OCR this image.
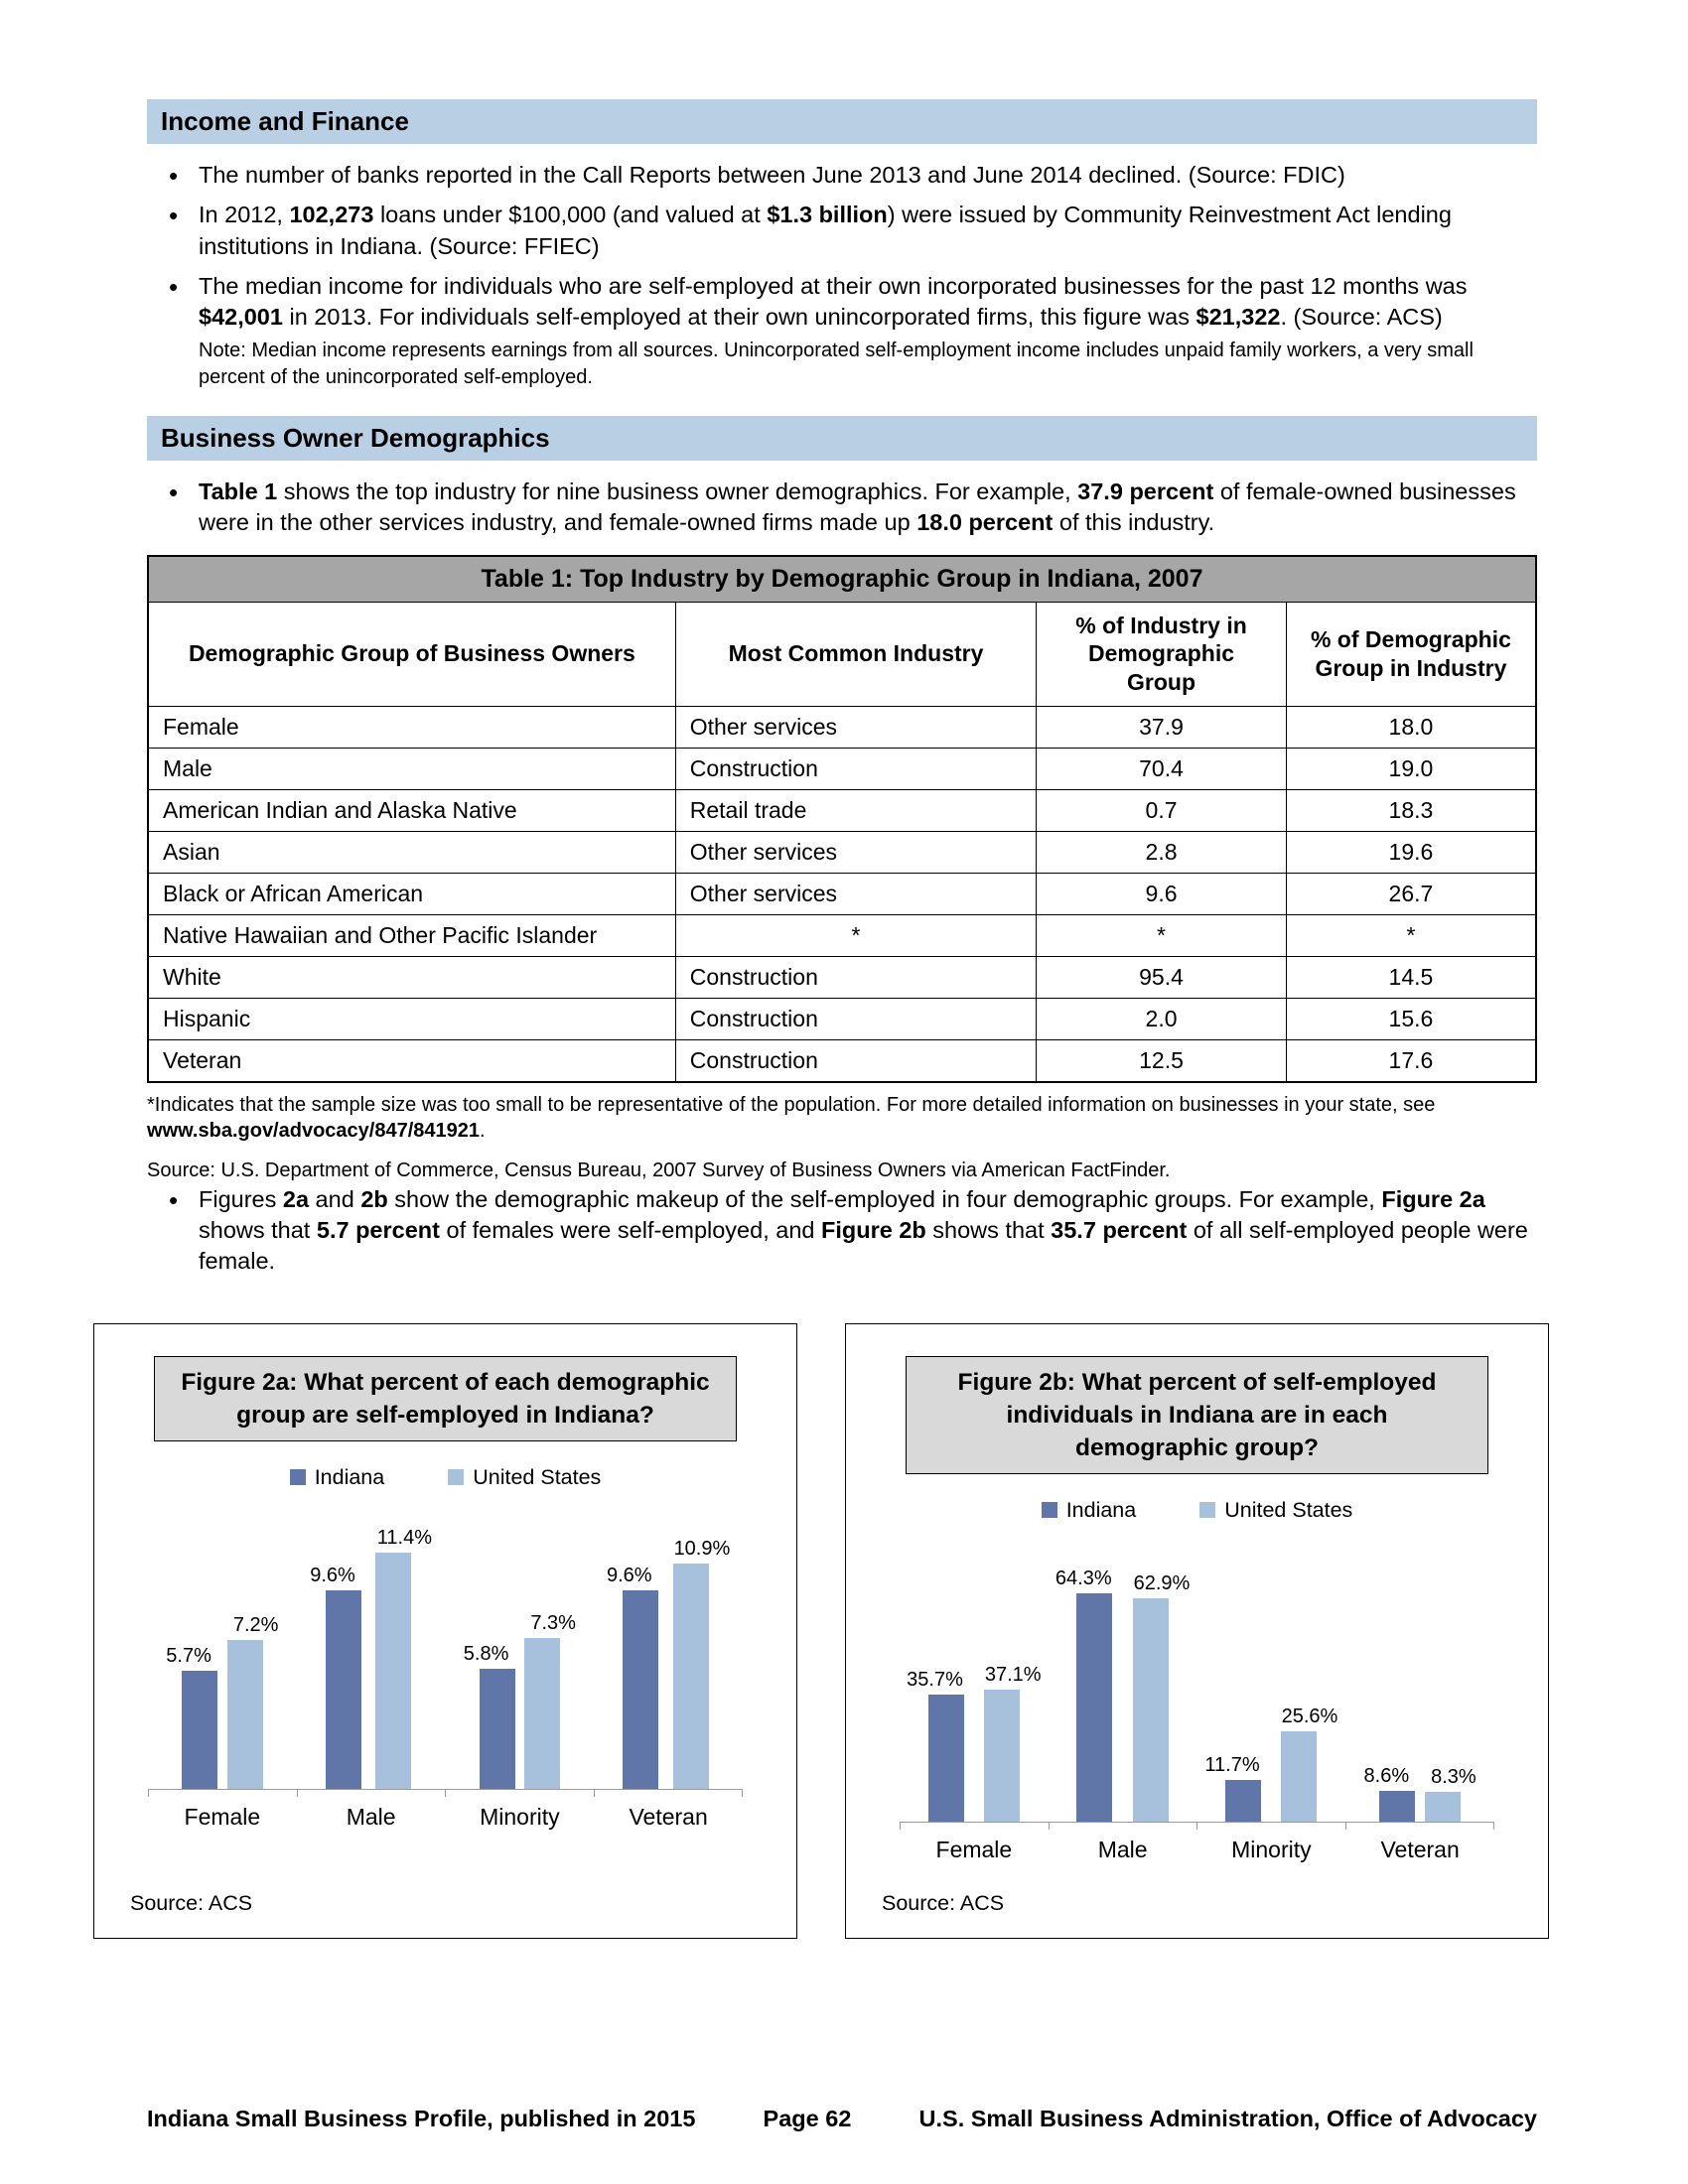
Income and Finance
• The number of banks reported in the Call Reports between June 2013 and June 2014 declined. (Source: FDIC)
• In 2012, 102,273 loans under $100,000 (and valued at $1.3 billion) were issued by Community Reinvestment Act lending institutions in Indiana. (Source: FFIEC)
• The median income for individuals who are self-employed at their own incorporated businesses for the past 12 months was $42,001 in 2013. For individuals self-employed at their own unincorporated firms, this figure was $21,322. (Source: ACS)
Note: Median income represents earnings from all sources. Unincorporated self-employment income includes unpaid family workers, a very small percent of the unincorporated self-employed.
Business Owner Demographics
• Table 1 shows the top industry for nine business owner demographics. For example, 37.9 percent of female-owned businesses were in the other services industry, and female-owned firms made up 18.0 percent of this industry.
Table 1: Top Industry by Demographic Group in Indiana, 2007			
Demographic Group of Business Owners	Most Common Industry	% of Industry in Demographic Group	% of Demographic Group in Industry
Female	Other services	37.9	18.0
Male	Construction	70.4	19.0
American Indian and Alaska Native	Retail trade	0.7	18.3
Asian	Other services	2.8	19.6
Black or African American	Other services	9.6	26.7
Native Hawaiian and Other Pacific Islander	*	*	*
White	Construction	95.4	14.5
Hispanic	Construction	2.0	15.6
Veteran	Construction	12.5	17.6
*Indicates that the sample size was too small to be representative of the population. For more detailed information on businesses in your state, see www.sba.gov/advocacy/847/841921.
Source: U.S. Department of Commerce, Census Bureau, 2007 Survey of Business Owners via American FactFinder.
• Figures 2a and 2b show the demographic makeup of the self-employed in four demographic groups. For example, Figure 2a shows that 5.7 percent of females were self-employed, and Figure 2b shows that 35.7 percent of all self-employed people were female.
Figure 2a: What percent of each demographic group are self-employed in Indiana?
Indiana	United States
5.7%
7.2%
9.6%
11.4%
5.8%
7.3%
9.6%
10.9%
Female	Male	Minority	Veteran
Source: ACS
Figure 2b: What percent of self-employed individuals in Indiana are in each demographic group?
Indiana	United States
35.7% 37.1%
64.3% 62.9%
11.7%
25.6%
8.6% 8.3%
Female	Male	Minority	Veteran
Source: ACS
Indiana Small Business Profile, published in 2015	Page 62	U.S. Small Business Administration, Office of Advocacy
